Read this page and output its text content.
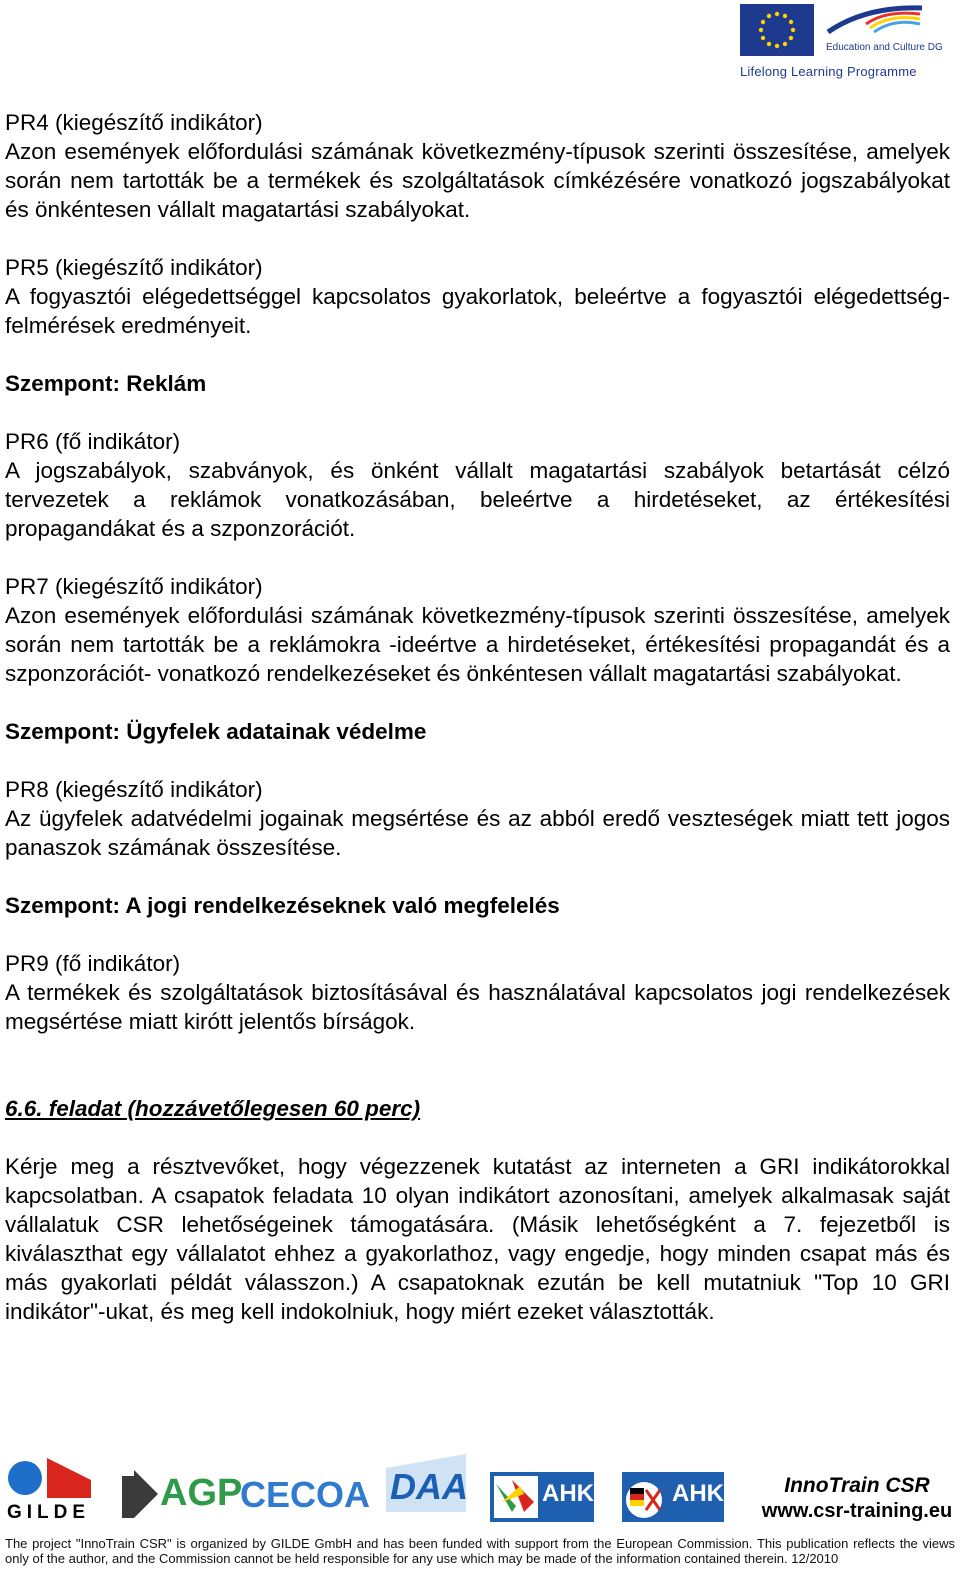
Education and Culture DG
Lifelong Learning Programme

PR4 (kiegészítő indikátor)

Azon események előfordulási számának következmény-típusok szerinti összesítése, amelyek során nem tartották be a termékek és szolgáltatások címkézésére vonatkozó jogszabályokat és önkéntesen vállalt magatartási szabályokat.

PR5 (kiegészítő indikátor)

A fogyasztói elégedettséggel kapcsolatos gyakorlatok, beleértve a fogyasztói elégedettség-felmérések eredményeit.

Szempont: Reklám

PR6 (fő indikátor)

A jogszabályok, szabványok, és önként vállalt magatartási szabályok betartását célzó tervezetek a reklámok vonatkozásában, beleértve a hirdetéseket, az értékesítési propagandákat és a szponzorációt.

PR7 (kiegészítő indikátor)

Azon események előfordulási számának következmény-típusok szerinti összesítése, amelyek során nem tartották be a reklámokra -ideértve a hirdetéseket, értékesítési propagandát és a szponzorációt- vonatkozó rendelkezéseket és önkéntesen vállalt magatartási szabályokat.

Szempont: Ügyfelek adatainak védelme

PR8 (kiegészítő indikátor)

Az ügyfelek adatvédelmi jogainak megsértése és az abból eredő veszteségek miatt tett jogos panaszok számának összesítése.

Szempont: A jogi rendelkezéseknek való megfelelés

PR9 (fő indikátor)

A termékek és szolgáltatások biztosításával és használatával kapcsolatos jogi rendelkezések megsértése miatt kirótt jelentős bírságok.

6.6. feladat (hozzávetőlegesen 60 perc)

Kérje meg a résztvevőket, hogy végezzenek kutatást az interneten a GRI indikátorokkal kapcsolatban. A csapatok feladata 10 olyan indikátort azonosítani, amelyek alkalmasak saját vállalatuk CSR lehetőségeinek támogatására. (Másik lehetőségként a 7. fejezetből is kiválaszthat egy vállalatot ehhez a gyakorlathoz, vagy engedje, hogy minden csapat más és más gyakorlati példát válasszon.) A csapatoknak ezután be kell mutatniuk "Top 10 GRI indikátor"-ukat, és meg kell indokolniuk, hogy miért ezeket választották.

GILDE AGP
CECOA DAA	AHK	AHK	InnoTrain CSR
www.csr-training.eu
The project "InnoTrain CSR" is organized by GILDE GmbH and has been funded with support from the European Commission. This publication reflects the views only of the author, and the Commission cannot be held responsible for any use which may be made of the information contained therein. 12/2010
